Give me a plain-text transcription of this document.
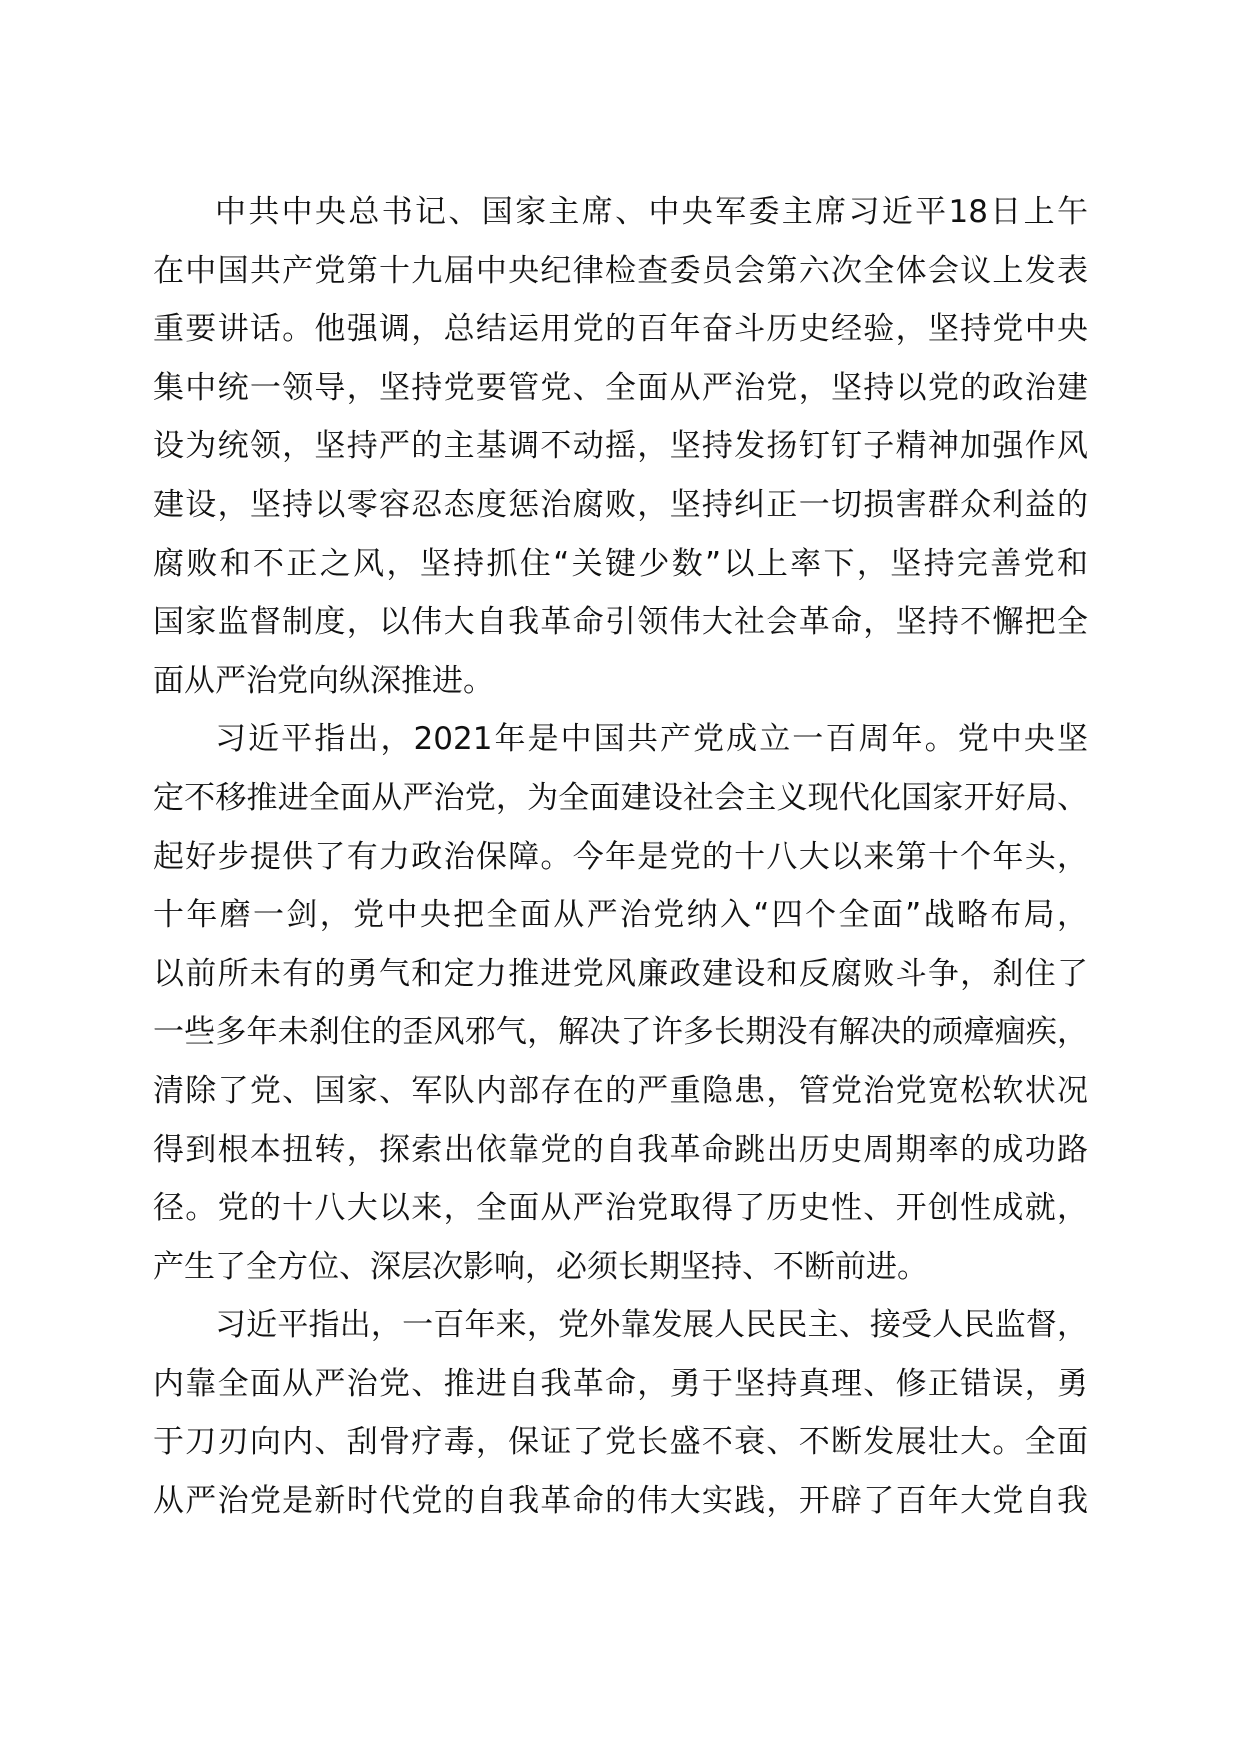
中共中央总书记、国家主席、中央军委主席习近平18日上午
在中国共产党第十九届中央纪律检查委员会第六次全体会议上发表
重要讲话。他强调，总结运用党的百年奋斗历史经验，坚持党中央
集中统一领导，坚持党要管党、全面从严治党，坚持以党的政治建
设为统领，坚持严的主基调不动摇，坚持发扬钉钉子精神加强作风
建设，坚持以零容忍态度惩治腐败，坚持纠正一切损害群众利益的
腐败和不正之风，坚持抓住“关键少数”以上率下，坚持完善党和
国家监督制度，以伟大自我革命引领伟大社会革命，坚持不懈把全
面从严治党向纵深推进。
习近平指出，2021年是中国共产党成立一百周年。党中央坚
定不移推进全面从严治党，为全面建设社会主义现代化国家开好局、
起好步提供了有力政治保障。今年是党的十八大以来第十个年头，
十年磨一剑，党中央把全面从严治党纳入“四个全面”战略布局，
以前所未有的勇气和定力推进党风廉政建设和反腐败斗争，刹住了
一些多年未刹住的歪风邪气，解决了许多长期没有解决的顽瘴痼疾，
清除了党、国家、军队内部存在的严重隐患，管党治党宽松软状况
得到根本扭转，探索出依靠党的自我革命跳出历史周期率的成功路
径。党的十八大以来，全面从严治党取得了历史性、开创性成就，
产生了全方位、深层次影响，必须长期坚持、不断前进。
习近平指出，一百年来，党外靠发展人民民主、接受人民监督，
内靠全面从严治党、推进自我革命，勇于坚持真理、修正错误，勇
于刀刃向内、刮骨疗毒，保证了党长盛不衰、不断发展壮大。全面
从严治党是新时代党的自我革命的伟大实践，开辟了百年大党自我
